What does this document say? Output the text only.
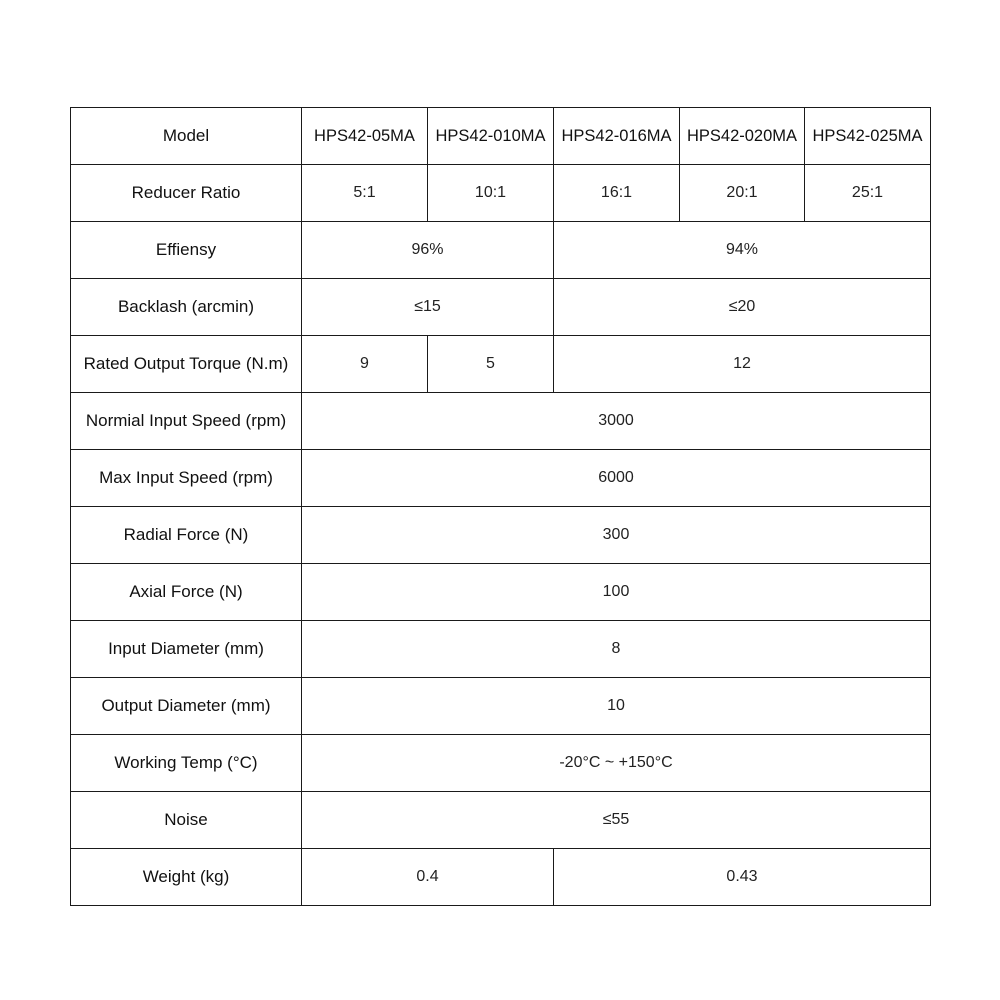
Model	HPS42-05MA	HPS42-010MA	HPS42-016MA	HPS42-020MA	HPS42-025MA
Reducer Ratio	5:1	10:1	16:1	20:1	25:1
Effiensy	96%		94%		
Backlash (arcmin)	≤15		≤20		
Rated Output Torque (N.m)	9	5	12		
Normial Input Speed (rpm)	3000				
Max Input Speed (rpm)	6000				
Radial Force (N)	300				
Axial Force (N)	100				
Input Diameter (mm)	8				
Output Diameter (mm)	10				
Working Temp (°C)	-20°C ~ +150°C				
Noise	≤55				
Weight (kg)	0.4		0.43		
